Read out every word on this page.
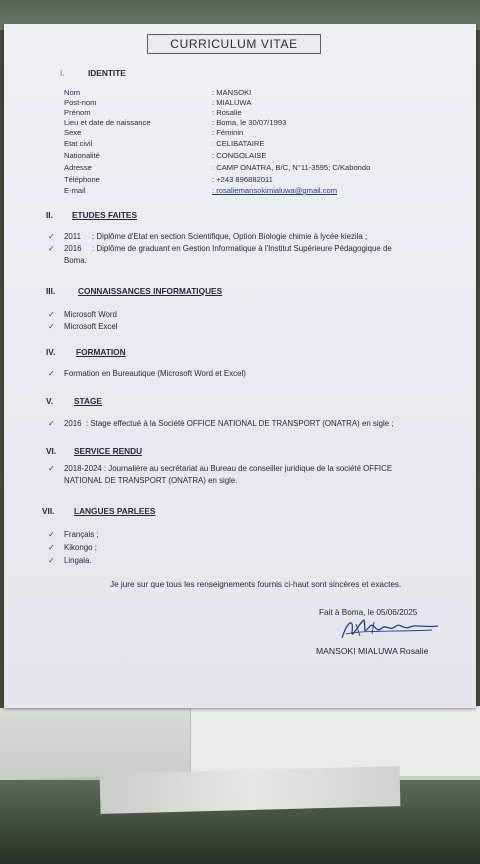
CURRICULUM VITAE
I.	IDENTITE
Nom	: MANSOKI
Post-nom	: MIALUWA
Prénom	: Rosalie
Lieu et date de naissance	: Boma, le 30/07/1993
Sexe	: Féminin
Etat civil	: CELIBATAIRE
Nationalité	: CONGOLAISE
Adresse	: CAMP ONATRA, B/C, N°11-3595; C/Kabondo
Téléphone	: +243 896882011
E-mail	: rosaliemansokimialuwa@gmail.com
II. ETUDES FAITES
✓ 2011 : Diplôme d'Etat en section Scientifique, Option Biologie chimie à lycée kiezila ;
✓ 2016 : Diplôme de graduant en Gestion Informatique à l'Institut Supérieure Pédagogique de
Boma.
III.	CONNAISSANCES INFORMATIQUES
✓ Microsoft Word
✓ Microsoft Excel
IV. FORMATION
✓ Formation en Bureautique (Microsoft Word et Excel)
V.	STAGE
✓ 2016 : Stage effectué à la Société OFFICE NATIONAL DE TRANSPORT (ONATRA) en sigle ;
VI. SERVICE RENDU
✓ 2018-2024 : Journalière au secrétariat au Bureau de conseiller juridique de la société OFFICE
NATIONAL DE TRANSPORT (ONATRA) en sigle.
VII. LANGUES PARLEES
✓ Français ;
✓ Kikongo ;
✓ Lingala.
Je jure sur que tous les renseignements fournis ci-haut sont sincères et exactes.
Fait à Boma, le 05/06/2025
MANSOKI MIALUWA Rosalie
